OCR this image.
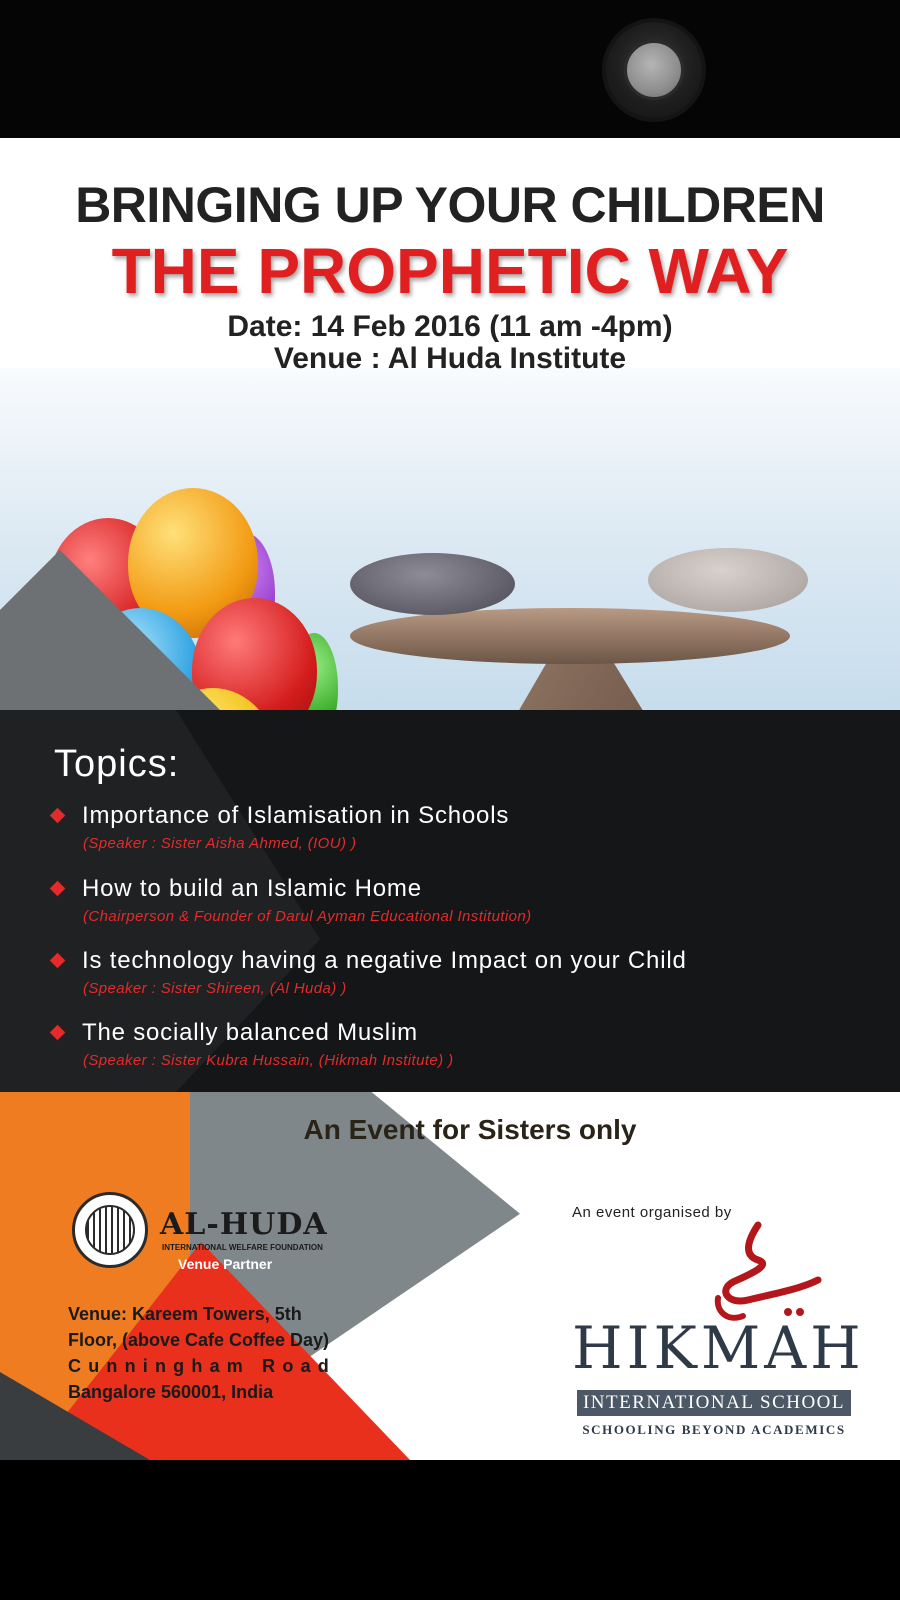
BRINGING UP YOUR CHILDREN
THE PROPHETIC WAY
Date: 14 Feb 2016 (11 am -4pm)
Venue : Al Huda Institute
Topics:
Importance of Islamisation in Schools
(Speaker : Sister Aisha Ahmed, (IOU) )
How to build an Islamic Home
(Chairperson & Founder of Darul Ayman Educational Institution)
Is technology having a negative Impact on your Child
(Speaker : Sister Shireen, (Al Huda) )
The socially balanced Muslim
(Speaker : Sister Kubra Hussain, (Hikmah Institute) )
An Event for Sisters only
AL-HUDA
INTERNATIONAL WELFARE FOUNDATION
Venue Partner
Venue: Kareem Towers, 5th
Floor, (above Cafe Coffee Day)
Cunningham Road
Bangalore 560001, India
An event organised by
HIKMAH
INTERNATIONAL SCHOOL
SCHOOLING BEYOND ACADEMICS
